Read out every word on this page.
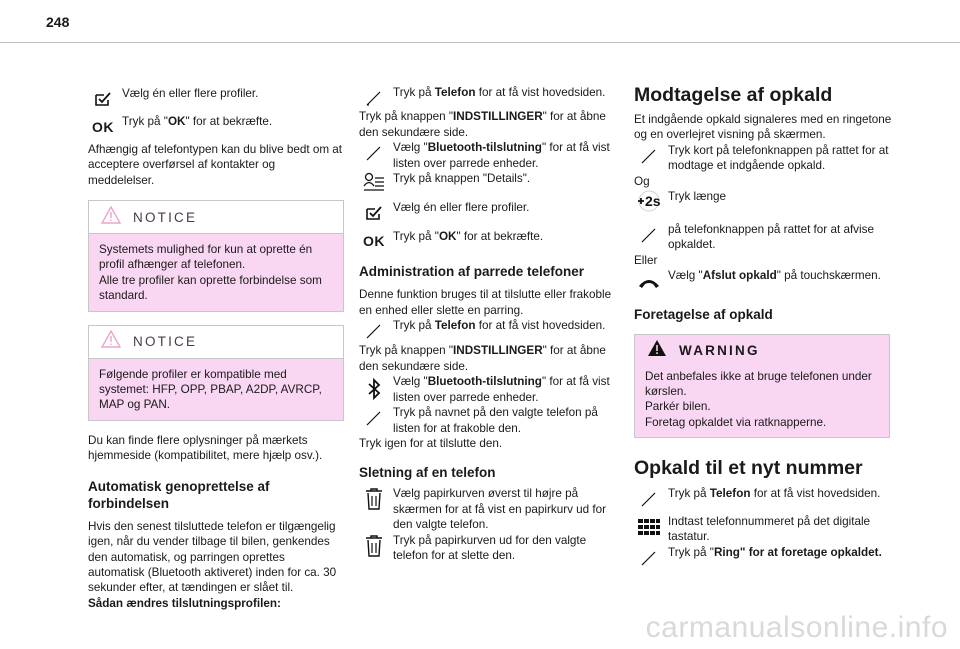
248
Vælg én eller flere profiler.
OK Tryk på "OK" for at bekræfte.

Afhængig af telefontypen kan du blive bedt om at acceptere overførsel af kontakter og meddelelser.

NOTICE

Systemets mulighed for kun at oprette én profil afhænger af telefonen.

Alle tre profiler kan oprette forbindelse som standard.

NOTICE

Følgende profiler er kompatible med systemet: HFP, OPP, PBAP, A2DP, AVRCP, MAP og PAN.

Du kan finde flere oplysninger på mærkets hjemmeside (kompatibilitet, mere hjælp osv.).

Automatisk genoprettelse af forbindelsen

Hvis den senest tilsluttede telefon er tilgængelig igen, når du vender tilbage til bilen, genkendes den automatisk, og parringen oprettes automatisk (Bluetooth aktiveret) inden for ca. 30 sekunder efter, at tændingen er slået til.

Sådan ændres tilslutningsprofilen:

Tryk på Telefon for at få vist hovedsiden.

Tryk på knappen "INDSTILLINGER" for at åbne den sekundære side.

Vælg "Bluetooth-tilslutning" for at få vist listen over parrede enheder.
Tryk på knappen "Details".
Vælg én eller flere profiler.
OK Tryk på "OK" for at bekræfte.
Administration af parrede telefoner

Denne funktion bruges til at tilslutte eller frakoble en enhed eller slette en parring.

Tryk på Telefon for at få vist hovedsiden.

Tryk på knappen "INDSTILLINGER" for at åbne den sekundære side.

Vælg "Bluetooth-tilslutning" for at få vist listen over parrede enheder.
Tryk på navnet på den valgte telefon på listen for at frakoble den.

Tryk igen for at tilslutte den.

Sletning af en telefon
Vælg papirkurven øverst til højre på skærmen for at få vist en papirkurv ud for den valgte telefon.
Tryk på papirkurven ud for den valgte telefon for at slette den.
Modtagelse af opkald

Et indgående opkald signaleres med en ringetone og en overlejret visning på skærmen.

Tryk kort på telefonknappen på rattet for at modtage et indgående opkald.

Og

2s Tryk længe
på telefonknappen på rattet for at afvise opkaldet.

Eller

Vælg "Afslut opkald" på touchskærmen.
Foretagelse af opkald
WARNING

Det anbefales ikke at bruge telefonen under kørslen.

Parkér bilen.

Foretag opkaldet via ratknapperne.

Opkald til et nyt nummer
Tryk på Telefon for at få vist hovedsiden.
Indtast telefonnummeret på det digitale tastatur.
Tryk på "Ring" for at foretage opkaldet.
carmanualsonline.info
